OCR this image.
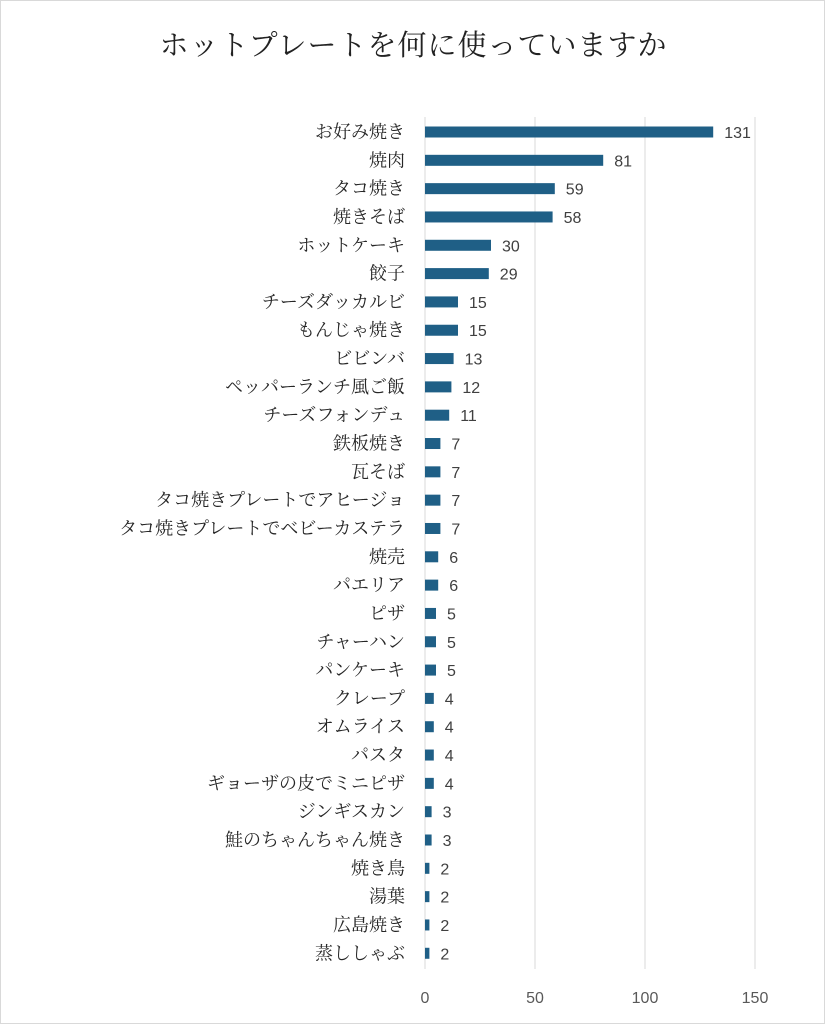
ホットプレートを何に使っていますか
お好み焼き	131
焼肉	81
タコ焼き	59
焼きそば	58
ホットケーキ	30
餃子	29
チーズダッカルビ	15
もんじゃ焼き	15
ビビンバ	13
ペッパーランチ風ご飯	12
チーズフォンデュ	11
鉄板焼き	7
瓦そば	7
タコ焼きプレートでアヒージョ	7
タコ焼きプレートでベビーカステラ	7
焼売	6
パエリア	6
ピザ	5
チャーハン	5
パンケーキ	5
クレープ 4
オムライス 4
パスタ 4
ギョーザの皮でミニピザ 4
ジンギスカン 3
鮭のちゃんちゃん焼き 3
焼き鳥 2
湯葉 2
広島焼き 2
蒸ししゃぶ 2
0	50	100	150
